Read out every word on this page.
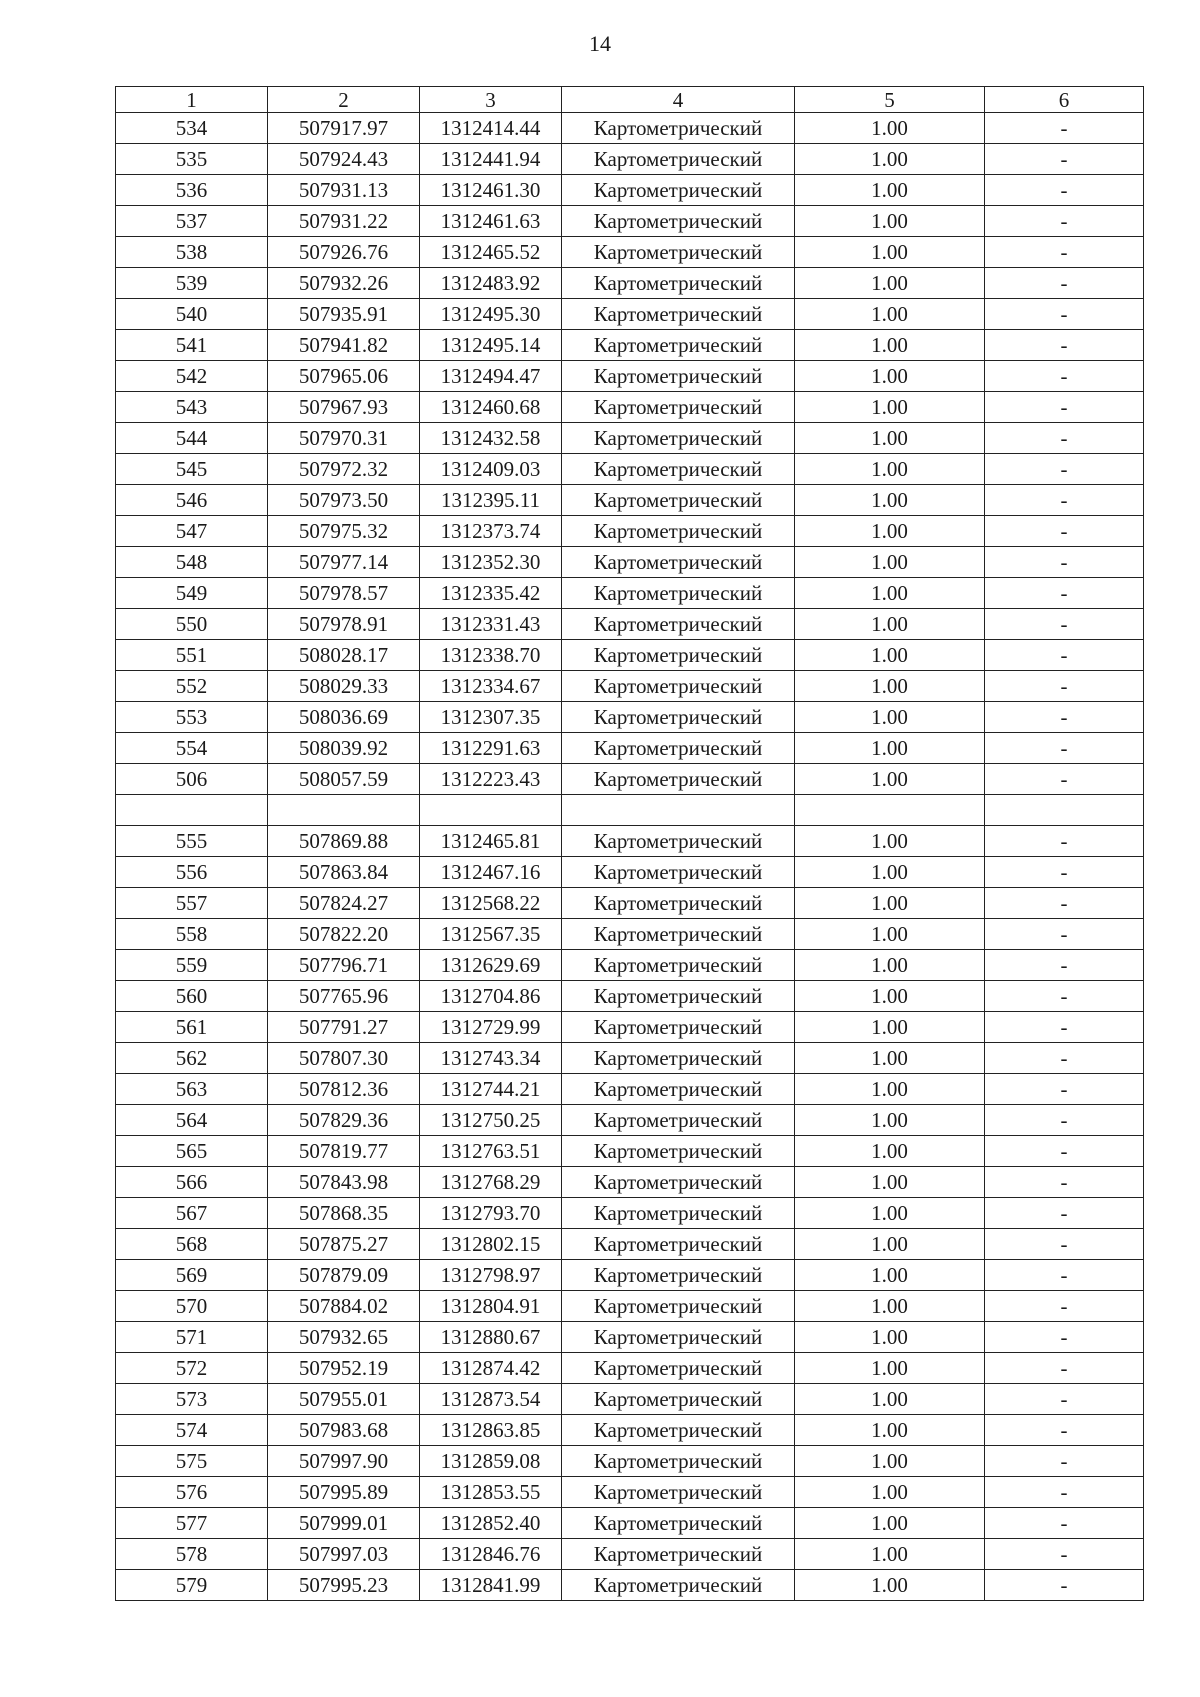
14
1	2	3	4	5	6
534	507917.97	1312414.44	Картометрический	1.00	-
535	507924.43	1312441.94	Картометрический	1.00	-
536	507931.13	1312461.30	Картометрический	1.00	-
537	507931.22	1312461.63	Картометрический	1.00	-
538	507926.76	1312465.52	Картометрический	1.00	-
539	507932.26	1312483.92	Картометрический	1.00	-
540	507935.91	1312495.30	Картометрический	1.00	-
541	507941.82	1312495.14	Картометрический	1.00	-
542	507965.06	1312494.47	Картометрический	1.00	-
543	507967.93	1312460.68	Картометрический	1.00	-
544	507970.31	1312432.58	Картометрический	1.00	-
545	507972.32	1312409.03	Картометрический	1.00	-
546	507973.50	1312395.11	Картометрический	1.00	-
547	507975.32	1312373.74	Картометрический	1.00	-
548	507977.14	1312352.30	Картометрический	1.00	-
549	507978.57	1312335.42	Картометрический	1.00	-
550	507978.91	1312331.43	Картометрический	1.00	-
551	508028.17	1312338.70	Картометрический	1.00	-
552	508029.33	1312334.67	Картометрический	1.00	-
553	508036.69	1312307.35	Картометрический	1.00	-
554	508039.92	1312291.63	Картометрический	1.00	-
506	508057.59	1312223.43	Картометрический	1.00	-

555	507869.88	1312465.81	Картометрический	1.00	-
556	507863.84	1312467.16	Картометрический	1.00	-
557	507824.27	1312568.22	Картометрический	1.00	-
558	507822.20	1312567.35	Картометрический	1.00	-
559	507796.71	1312629.69	Картометрический	1.00	-
560	507765.96	1312704.86	Картометрический	1.00	-
561	507791.27	1312729.99	Картометрический	1.00	-
562	507807.30	1312743.34	Картометрический	1.00	-
563	507812.36	1312744.21	Картометрический	1.00	-
564	507829.36	1312750.25	Картометрический	1.00	-
565	507819.77	1312763.51	Картометрический	1.00	-
566	507843.98	1312768.29	Картометрический	1.00	-
567	507868.35	1312793.70	Картометрический	1.00	-
568	507875.27	1312802.15	Картометрический	1.00	-
569	507879.09	1312798.97	Картометрический	1.00	-
570	507884.02	1312804.91	Картометрический	1.00	-
571	507932.65	1312880.67	Картометрический	1.00	-
572	507952.19	1312874.42	Картометрический	1.00	-
573	507955.01	1312873.54	Картометрический	1.00	-
574	507983.68	1312863.85	Картометрический	1.00	-
575	507997.90	1312859.08	Картометрический	1.00	-
576	507995.89	1312853.55	Картометрический	1.00	-
577	507999.01	1312852.40	Картометрический	1.00	-
578	507997.03	1312846.76	Картометрический	1.00	-
579	507995.23	1312841.99	Картометрический	1.00	-
